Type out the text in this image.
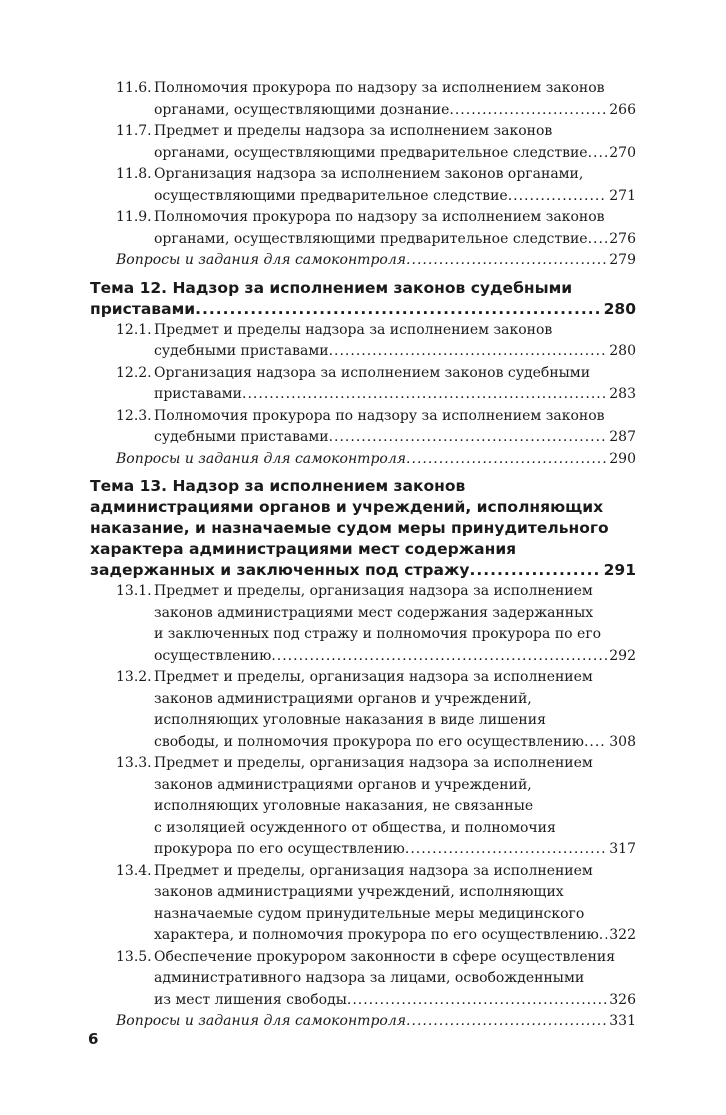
11.6. Полномочия прокурора по надзору за исполнением законов
органами, осуществляющими дознание .....	266
11.7. Предмет и пределы надзора за исполнением законов
органами, осуществляющими предварительное следствие ..... 270
11.8. Организация надзора за исполнением законов органами,
осуществляющими предварительное следствие .....	271
11.9. Полномочия прокурора по надзору за исполнением законов
органами, осуществляющими предварительное следствие ..... 276
Вопросы и задания для самоконтроля .....	279
Тема 12. Надзор за исполнением законов судебными
приставами .....	280
12.1. Предмет и пределы надзора за исполнением законов
судебными приставами .....	280
12.2. Организация надзора за исполнением законов судебными
приставами .....	283
12.3. Полномочия прокурора по надзору за исполнением законов
судебными приставами .....	287
Вопросы и задания для самоконтроля .....	290
Тема 13. Надзор за исполнением законов
администрациями органов и учреждений, исполняющих
наказание, и назначаемые судом меры принудительного
характера администрациями мест содержания
задержанных и заключенных под стражу .....	291
13.1. Предмет и пределы, организация надзора за исполнением
законов администрациями мест содержания задержанных
и заключенных под стражу и полномочия прокурора по его
осуществлению .....	292
13.2. Предмет и пределы, организация надзора за исполнением
законов администрациями органов и учреждений,
исполняющих уголовные наказания в виде лишения
свободы, и полномочия прокурора по его осуществлению ..... 308
13.3. Предмет и пределы, организация надзора за исполнением
законов администрациями органов и учреждений,
исполняющих уголовные наказания, не связанные
с изоляцией осужденного от общества, и полномочия
прокурора по его осуществлению .....	317
13.4. Предмет и пределы, организация надзора за исполнением
законов администрациями учреждений, исполняющих
назначаемые судом принудительные меры медицинского
характера, и полномочия прокурора по его осуществлению ..... 322
13.5. Обеспечение прокурором законности в сфере осуществления
административного надзора за лицами, освобожденными
из мест лишения свободы .....	326
Вопросы и задания для самоконтроля .....	331
6
